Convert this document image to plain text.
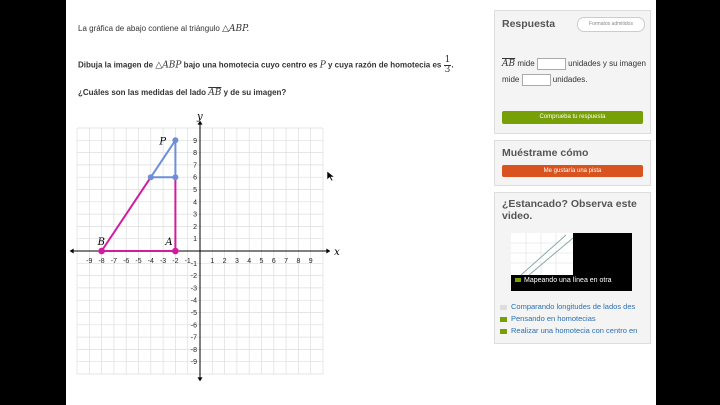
La gráfica de abajo contiene al triángulo △ABP.

Dibuja la imagen de △ABP bajo una homotecia cuyo centro es P y cuya razón de homotecia es $\frac{1}{3}$ .

¿Cuáles son las medidas del lado $\overline{AB}$ y de su imagen?

x
y
-9 -8 -7 -6 -5 -4 -3 -2 -1	1 2 3 4 5 6 7 8 9
9
8
7
6
5
4
3
2
1
-1
-2
-3
-4
-5
-6
-7
-8
-9
P
A
B
Respuesta	Formatos admitidos
$\overline{AB}$ mide	unidades y su imagen mide	unidades.
Comprueba tu respuesta
Muéstrame cómo
Me gustaría una pista
¿Estancado? Observa este video.
Mapeando una línea en otra
Comparando longitudes de lados des
Pensando en homotecias
Realizar una homotecia con centro en
